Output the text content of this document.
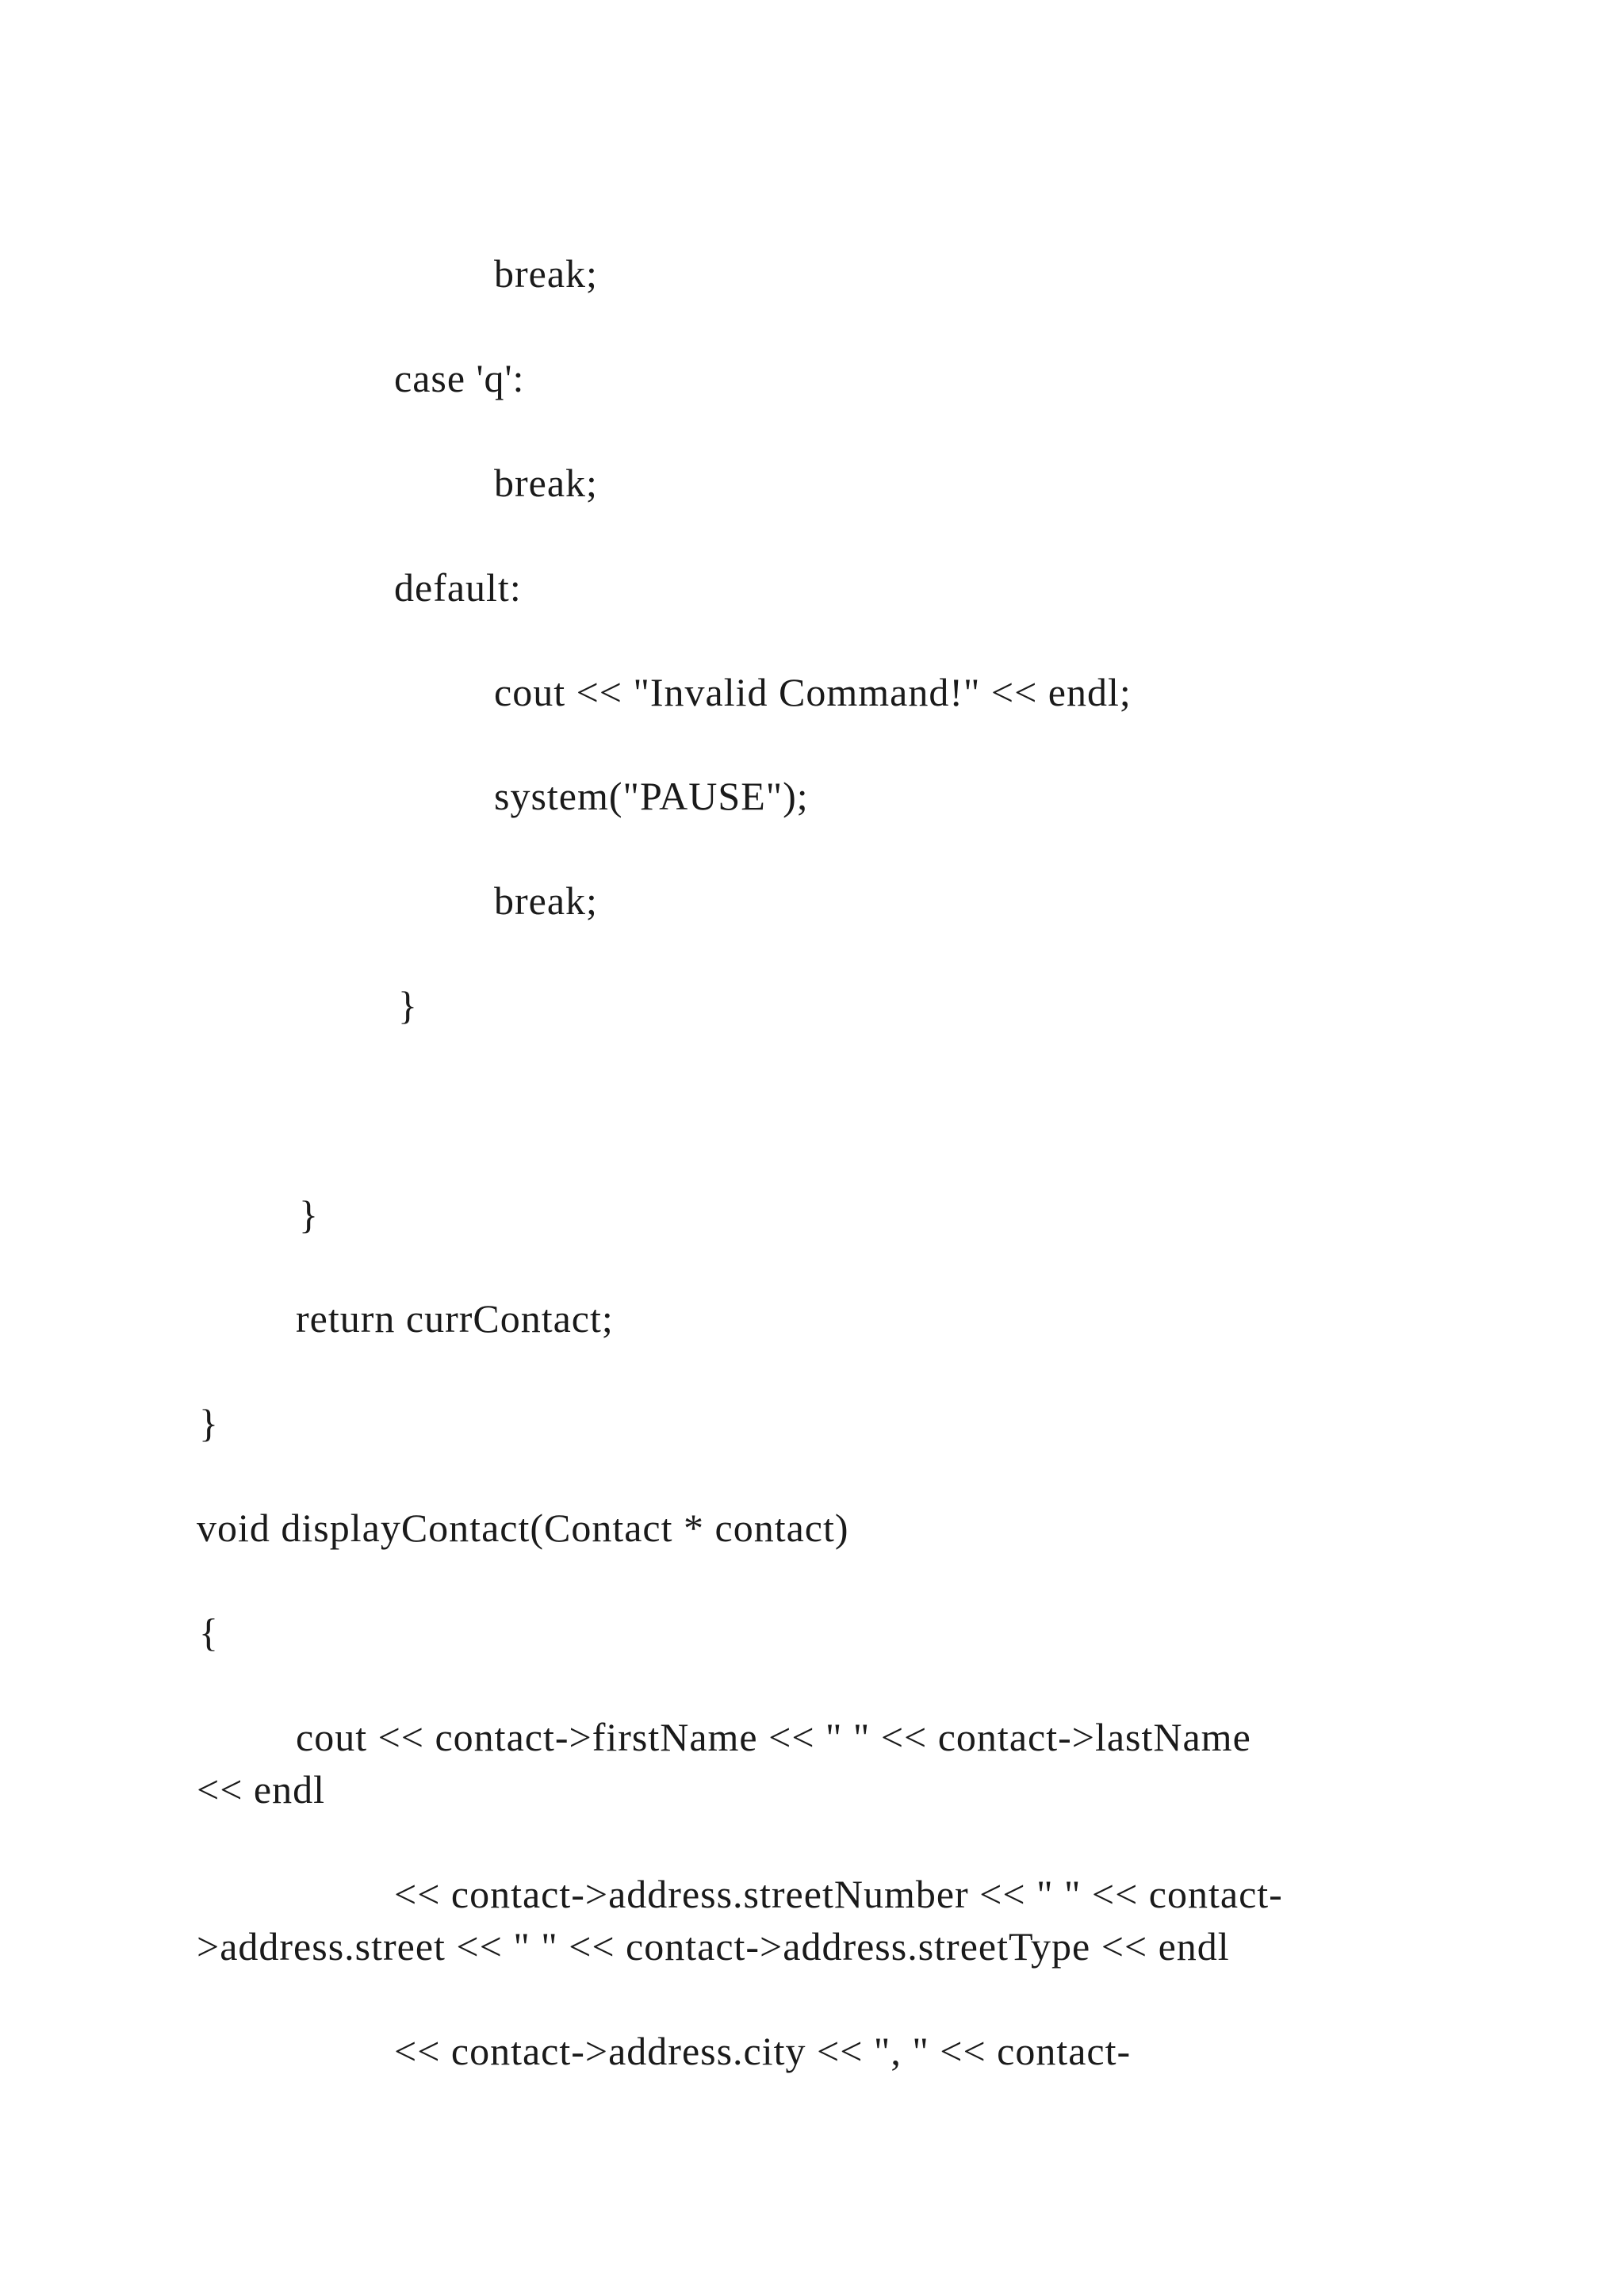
break;

case 'q':

break;

default:

cout << "Invalid Command!" << endl;

system("PAUSE");

break;

}

}

return currContact;

}

void displayContact(Contact * contact)

{

cout << contact->firstName << " " << contact->lastName

<< endl

<< contact->address.streetNumber << " " << contact-

>address.street << " " << contact->address.streetType << endl

<< contact->address.city << ", " << contact-
